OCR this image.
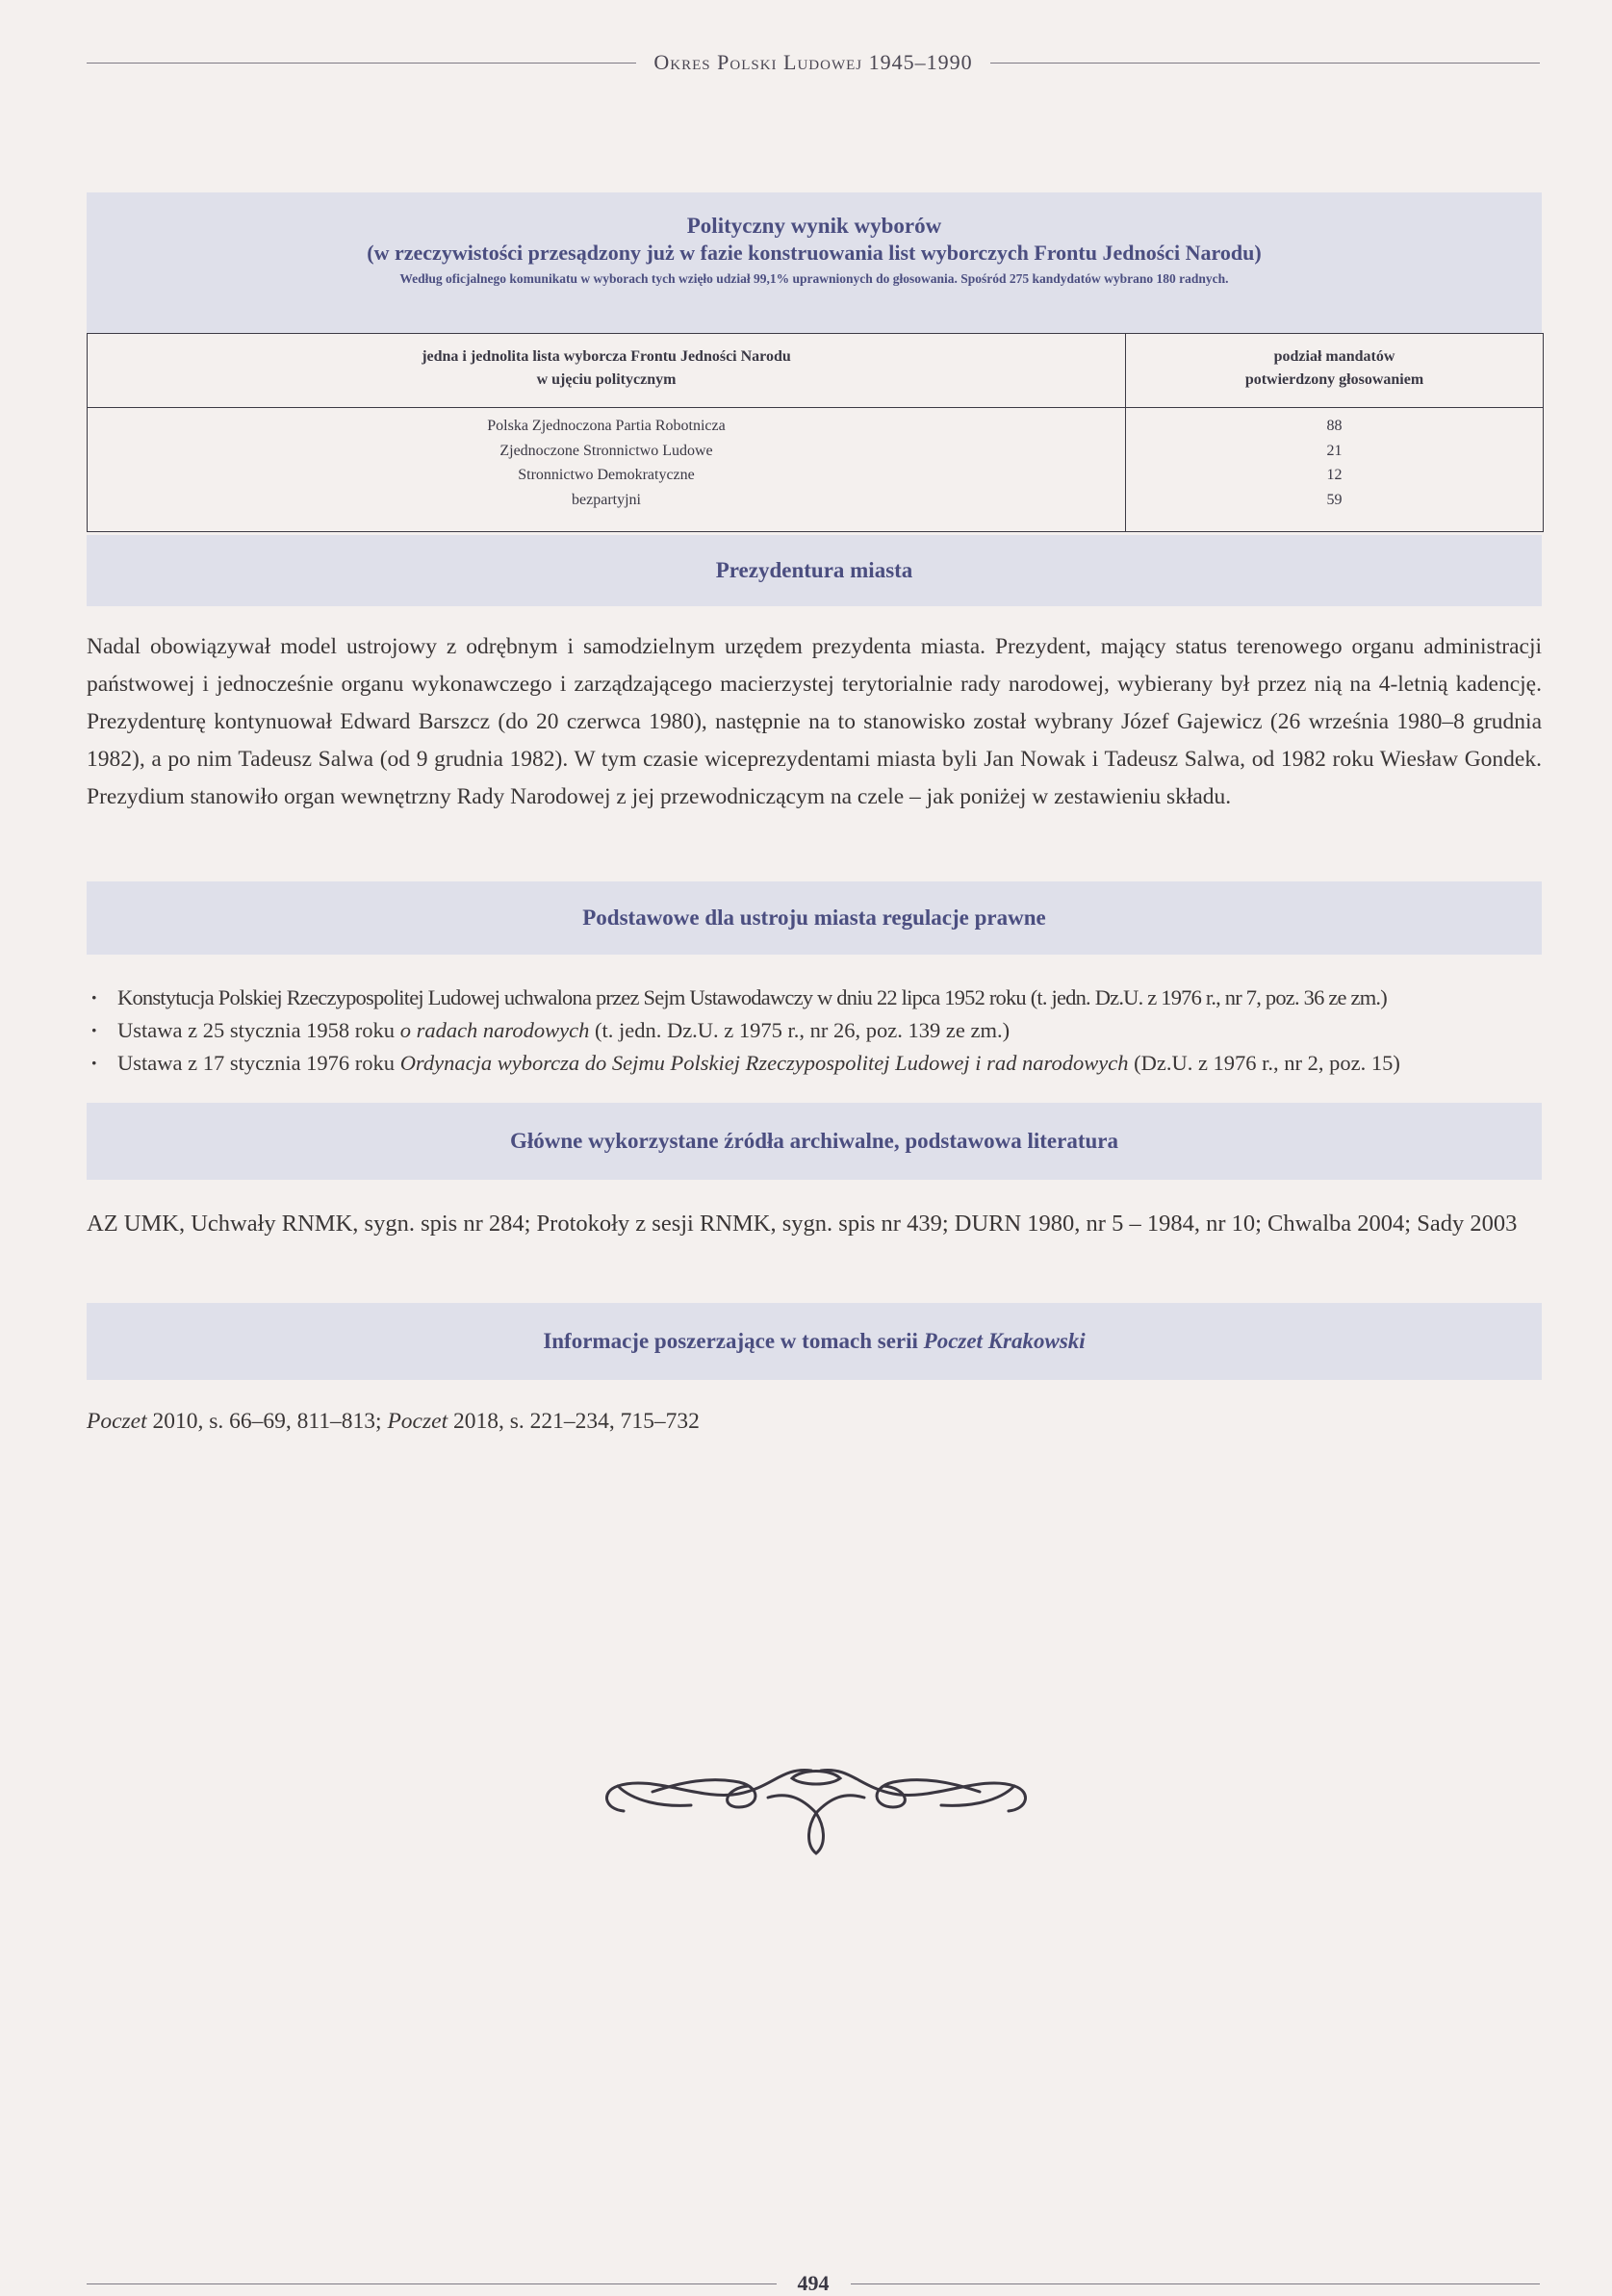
Okres Polski Ludowej 1945–1990
Polityczny wynik wyborów

(w rzeczywistości przesądzony już w fazie konstruowania list wyborczych Frontu Jedności Narodu)

Według oficjalnego komunikatu w wyborach tych wzięło udział 99,1% uprawnionych do głosowania. Spośród 275 kandydatów wybrano 180 radnych.

jedna i jednolita lista wyborcza Frontu Jedności Narodu
w ujęciu politycznym
podział mandatów
potwierdzony głosowaniem
Polska Zjednoczona Partia Robotnicza
Zjednoczone Stronnictwo Ludowe
Stronnictwo Demokratyczne
bezpartyjni
88
21
12
59
Prezydentura miasta
Nadal obowiązywał model ustrojowy z odrębnym i samodzielnym urzędem prezydenta miasta. Prezydent, mający status terenowego organu administracji państwowej i jednocześnie organu wykonawczego i zarządzającego macierzystej terytorialnie rady narodowej, wybierany był przez nią na 4-letnią kadencję. Prezydenturę kontynuował Edward Barszcz (do 20 czerwca 1980), następnie na to stanowisko został wybrany Józef Gajewicz (26 września 1980–8 grudnia 1982), a po nim Tadeusz Salwa (od 9 grudnia 1982). W tym czasie wiceprezydentami miasta byli Jan Nowak i Tadeusz Salwa, od 1982 roku Wiesław Gondek. Prezydium stanowiło organ wewnętrzny Rady Narodowej z jej przewodniczącym na czele – jak poniżej w zestawieniu składu.
Podstawowe dla ustroju miasta regulacje prawne
· Konstytucja Polskiej Rzeczypospolitej Ludowej uchwalona przez Sejm Ustawodawczy w dniu 22 lipca 1952 roku (t. jedn. Dz.U. z 1976 r., nr 7, poz. 36 ze zm.)
· Ustawa z 25 stycznia 1958 roku o radach narodowych (t. jedn. Dz.U. z 1975 r., nr 26, poz. 139 ze zm.)
· Ustawa z 17 stycznia 1976 roku Ordynacja wyborcza do Sejmu Polskiej Rzeczypospolitej Ludowej i rad narodowych (Dz.U. z 1976 r., nr 2, poz. 15)
Główne wykorzystane źródła archiwalne, podstawowa literatura
AZ UMK, Uchwały RNMK, sygn. spis nr 284; Protokoły z sesji RNMK, sygn. spis nr 439; DURN 1980, nr 5 – 1984, nr 10; Chwalba 2004; Sady 2003
Informacje poszerzające w tomach serii Poczet Krakowski
Poczet 2010, s. 66–69, 811–813; Poczet 2018, s. 221–234, 715–732
494
